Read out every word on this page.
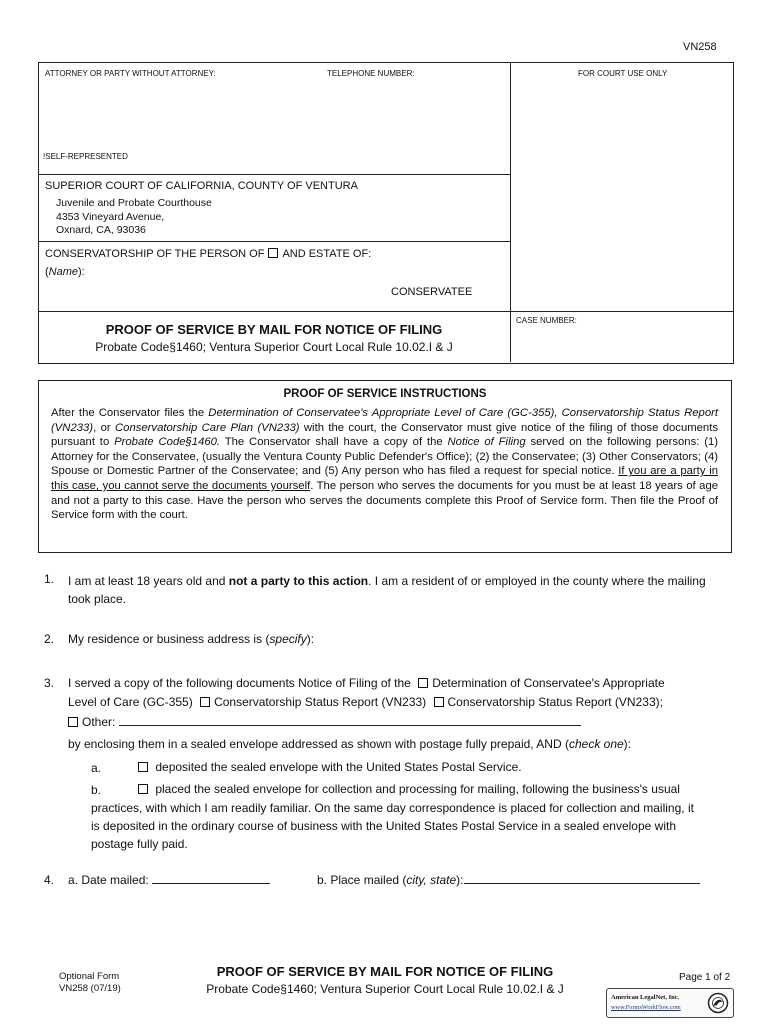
VN258
ATTORNEY OR PARTY WITHOUT ATTORNEY:	TELEPHONE NUMBER:	FOR COURT USE ONLY
!SELF-REPRESENTED
SUPERIOR COURT OF CALIFORNIA, COUNTY OF VENTURA
Juvenile and Probate Courthouse
4353 Vineyard Avenue,
Oxnard, CA, 93036
CONSERVATORSHIP OF THE PERSON OF AND ESTATE OF:
(Name):
CONSERVATEE
CASE NUMBER:
PROOF OF SERVICE BY MAIL FOR NOTICE OF FILING
Probate Code§1460; Ventura Superior Court Local Rule 10.02.I & J
PROOF OF SERVICE INSTRUCTIONS
After the Conservator files the Determination of Conservatee's Appropriate Level of Care (GC-355), Conservatorship Status Report (VN233), or Conservatorship Care Plan (VN233) with the court, the Conservator must give notice of the filing of those documents pursuant to Probate Code§1460. The Conservator shall have a copy of the Notice of Filing served on the following persons: (1) Attorney for the Conservatee, (usually the Ventura County Public Defender's Office); (2) the Conservatee; (3) Other Conservators; (4) Spouse or Domestic Partner of the Conservatee; and (5) Any person who has filed a request for special notice. If you are a party in this case, you cannot serve the documents yourself. The person who serves the documents for you must be at least 18 years of age and not a party to this case. Have the person who serves the documents complete this Proof of Service form. Then file the Proof of Service form with the court.
1. I am at least 18 years old and not a party to this action. I am a resident of or employed in the county where the mailing took place.
2. My residence or business address is (specify):
3. I served a copy of the following documents Notice of Filing of the Determination of Conservatee's Appropriate
Level of Care (GC-355) Conservatorship Status Report (VN233) Conservatorship Status Report (VN233);
Other:
by enclosing them in a sealed envelope addressed as shown with postage fully prepaid, AND (check one):
a.	deposited the sealed envelope with the United States Postal Service.
b.	placed the sealed envelope for collection and processing for mailing, following the business's usual
practices, with which I am readily familiar. On the same day correspondence is placed for collection and mailing, it
is deposited in the ordinary course of business with the United States Postal Service in a sealed envelope with
postage fully paid.
4. a. Date mailed:	b. Place mailed (city, state):
Optional Form
VN258 (07/19)
PROOF OF SERVICE BY MAIL FOR NOTICE OF FILING
Probate Code§1460; Ventura Superior Court Local Rule 10.02.I & J
Page 1 of 2
American LegalNet, Inc.
www.FormsWorkFlow.com
